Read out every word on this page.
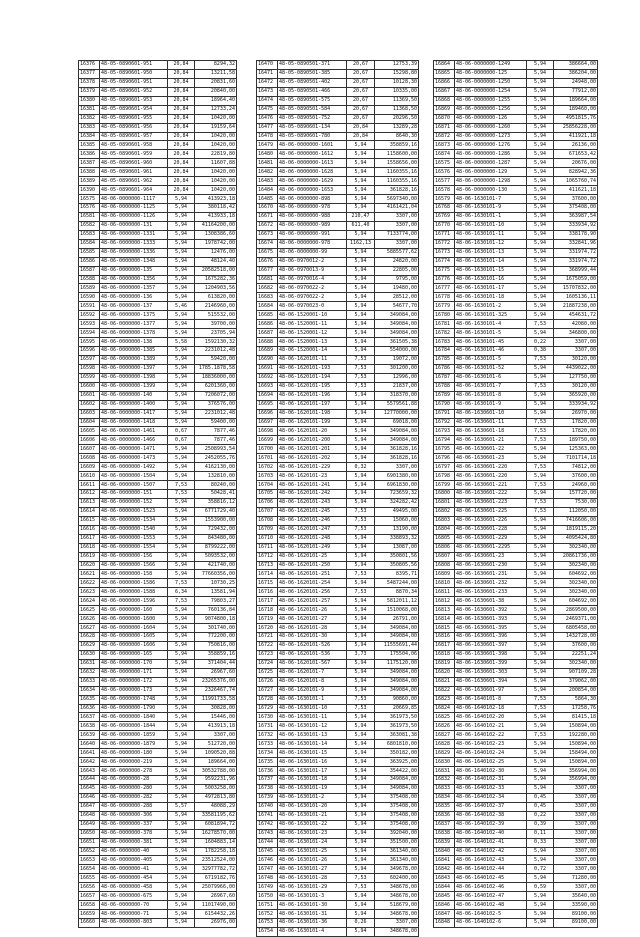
16376	48-05-0890601-951	20,84	8294,32
16377	48-05-0890601-950	20,84	13211,58
16378	48-05-0890601-951	20,84	20831,60
16379	48-05-0890601-952	20,84	20840,00
16380	48-05-0890601-953	20,84	18964,40
16381	48-05-0890601-954	20,84	12733,24
16382	48-05-0890601-955	20,84	10420,00
16383	48-05-0890601-956	20,84	19159,64
16384	48-05-0890601-957	20,84	10420,00
16385	48-05-0890601-958	20,84	10420,00
16386	48-05-0890601-959	20,84	22819,80
16387	48-05-0890601-960	20,84	11607,88
16388	48-05-0890601-961	20,84	10420,00
16389	48-05-0890601-962	20,84	10420,00
16390	48-05-0890601-964	20,84	10420,00
16575	48-06-0000000-1117	5,94	413923,18
16576	48-06-0000000-1125	5,94	380118,42
16581	48-06-0000000-1126	5,94	413933,18
16582	48-06-0000000-131	5,94	41164200,00
16583	48-06-0000000-1331	5,94	1308386,60
16584	48-06-0000000-1333	5,94	1978742,00
16585	48-06-0000000-1336	5,94	12476,00
16586	48-06-0000000-1348	5,94	48124,40
16587	48-06-0000000-135	5,94	20582518,00
16588	48-06-0000000-1356	5,94	1675282,36
16589	48-06-0000000-1357	5,94	1204903,56
16590	48-06-0000000-136	5,94	613820,00
16591	48-06-0000000-137	5,46	2146960,00
16592	48-06-0000000-1375	5,94	515532,00
16593	48-06-0000000-1377	5,94	39700,00
16594	48-06-0000000-1378	5,94	23705,94
16595	48-06-0000000-138	5,58	1592130,32
16596	48-06-0000000-1385	5,94	2231012,48
16597	48-06-0000000-1389	5,94	59420,00
16598	48-06-0000000-1397	5,94	1785.1878,58
16599	48-06-0000000-1398	5,94	18836000,00
16600	48-06-0000000-1399	5,94	6201360,00
16601	48-06-0000000-140	5,94	7206072,00
16602	48-06-0000000-1400	5,94	376576,00
16603	48-06-0000000-1417	5,94	2231012,48
16604	48-06-0000000-1418	5,94	59400,00
16605	48-06-0000000-1461	0,67	7877,46
16606	48-06-0000000-1466	0,67	7877,46
16607	48-06-0000000-1471	5,94	2508993,54
16608	48-06-0000000-1473	5,94	2452055,76
16609	48-06-0000000-1492	5,94	4162130,00
16610	48-06-0000000-1504	5,94	132810,00
16611	48-06-0000000-1507	7,53	80240,00
16612	48-06-0000000-151	7,53	50428,41
16613	48-06-0000000-152	5,94	358816,12
16614	48-06-0000000-1523	5,94	6771729,40
16615	48-06-0000000-1534	5,94	1553900,00
16616	48-06-0000000-1540	5,94	729432,00
16617	48-06-0000000-1553	5,94	843480,00
16618	48-06-0000000-1554	5,94	8799222,00
16619	48-06-0000000-156	5,94	5093532,00
16620	48-06-0000000-1566	5,94	421740,00
16621	48-06-0000000-158	5,94	77660356,00
16622	48-06-0000000-1586	7,53	10730,25
16623	48-06-0000000-1588	6,34	13581,94
16624	48-06-0000000-1596	7,53	79803,27
16625	48-06-0000000-160	5,94	760136,84
16626	48-06-0000000-1600	5,94	9074800,18
16627	48-06-0000000-1604	5,94	301740,00
16628	48-06-0000000-1605	5,94	772200,00
16629	48-06-0000000-1606	5,94	750816,00
16630	48-06-0000000-165	5,94	358859,16
16631	48-06-0000000-170	5,94	371404,44
16632	48-06-0000000-171	5,94	26967,60
16633	48-06-0000000-172	5,94	23265376,00
16634	48-06-0000000-173	5,94	2326467,74
16635	48-06-0000000-1748	5,94	11991733,58
16636	48-06-0000000-1790	5,94	30828,00
16637	48-06-0000000-1840	5,94	15446,00
16638	48-06-0000000-1844	5,94	413913,18
16639	48-06-0000000-1859	5,94	3307,00
16640	48-06-0000000-1879	5,94	512720,00
16641	48-06-0000000-180	5,94	1090520,88
16642	48-06-0000000-219	5,94	189664,00
16643	48-06-0000000-278	5,94	30532788,00
16644	48-06-0000000-28	5,94	9592231,96
16645	48-06-0000000-280	5,94	5003258,00
16646	48-06-0000000-282	5,94	4972813,80
16647	48-06-0000000-288	5,57	48088,29
16648	48-06-0000000-306	5,94	33581195,62
16649	48-06-0000000-337	5,94	6081894,72
16650	48-06-0000000-378	5,94	16278570,00
16651	48-06-0000000-381	5,94	1604883,14
16652	48-06-0000000-40	5,94	1782258,18
16653	48-06-0000000-405	5,94	23512524,00
16654	48-06-0000000-41	5,94	32977782,72
16655	48-06-0000000-454	5,94	6719182,76
16656	48-06-0000000-458	5,94	25079966,00
16657	48-06-0000000-675	5,94	26967,60
16658	48-06-0000000-70	5,94	11017490,00
16659	48-06-0000000-71	5,94	6154432,26
16660	48-06-0000000-803	5,94	26976,00
16470	48-05-0890501-371	20,67	12753,39
16471	48-05-0890501-385	20,67	15298,80
16472	48-05-0890501-402	20,67	10128,30
16473	48-05-0890501-466	20,67	10335,00
16474	48-05-0890501-575	20,67	11369,50
16475	48-05-0890501-584	20,67	11368,50
16476	48-05-0890501-752	20,67	20296,50
16477	48-05-0890601-134	20,84	13289,28
16478	48-05-0890601-780	20,84	8640,30
16479	48-06-0000000-1601	5,94	358859,16
16480	48-06-0000000-1612	5,94	1158600,00
16481	48-06-0000000-1613	5,94	1558656,00
16482	48-06-0000000-1628	5,94	1160355,16
16483	48-06-0000000-1629	5,94	1160355,16
16484	48-06-0000000-1653	5,94	361828,16
16485	48-06-0000000-898	5,94	5697340,00
16670	48-06-0000000-978	5,94	4161421,04
16671	48-06-0000000-988	210,47	3307,00
16672	48-06-0000000-989	611,40	3307,00
16673	48-06-0000000-991	5,94	7133774,00
16674	48-06-0000000-978	1162,13	3307,00
16675	48-06-0000000-99	5,94	5885577,62
16676	48-06-0970012-2	5,94	24820,00
16677	48-06-0970013-9	5,94	22805,00
16681	48-06-0970016-4	5,94	9795,00
16682	48-06-0970022-2	5,94	19480,00
16683	48-06-0970022-2	5,94	28512,00
16684	48-06-0970023-0	5,94	54677,70
16685	48-06-1520001-10	5,94	349084,00
16686	48-06-1520001-11	5,94	349084,00
16687	48-06-1520001-12	5,94	349084,00
16688	48-06-1520001-13	5,94	361505,38
16689	48-06-1520001-14	5,94	554000,00
16690	48-06-1620101-11	7,53	19072,00
16691	48-06-1620101-193	7,53	301200,00
16692	48-06-1620101-194	7,53	12996,00
16693	48-06-1620101-195	7,53	21837,00
16694	48-06-1620101-196	5,94	318370,00
16695	48-06-1620101-197	5,94	5579561,88
16696	48-06-1620101-198	5,94	12770000,00
16697	48-06-1620101-199	5,94	69018,00
16698	48-06-1620101-20	5,94	349084,00
16699	48-06-1620101-200	5,94	349084,00
16700	48-06-1620101-201	5,94	361828,16
16701	48-06-1620101-202	5,94	361828,16
16702	48-06-1620101-229	0,32	3307,00
16703	48-06-1620101-23	5,94	6901380,00
16704	48-06-1620101-241	5,94	6961830,00
16705	48-06-1620101-242	5,94	723659,32
16706	48-06-1620101-243	5,94	324282,42
16707	48-06-1620101-245	7,53	49495,00
16708	48-06-1620101-246	7,53	15060,00
16709	48-06-1620101-247	7,53	13190,00
16710	48-06-1620101-248	5,94	338893,32
16711	48-06-1620101-249	5,94	13087,00
16712	48-06-1620101-25	5,94	350801,56
16713	48-06-1620101-250	5,94	350805,56
16714	48-06-1620101-251	7,53	8395,71
16715	48-06-1620101-254	5,94	5487244,00
16716	48-06-1620101-256	7,53	8870,34
16717	48-06-1620101-257	5,94	5812011,12
16718	48-06-1620101-26	5,94	1510068,00
16719	48-06-1620101-27	5,94	26791,00
16720	48-06-1620101-28	5,94	349084,00
16721	48-06-1620101-30	5,94	349084,00
16722	48-06-1620101-526	5,94	11555691,44
16723	48-06-1620101-536	3,73	175504,06
16724	48-06-1620101-567	5,94	1175120,00
16725	48-06-1620101-7	5,94	349084,00
16726	48-06-1620101-8	5,94	349084,00
16727	48-06-1620101-9	5,94	349084,00
16728	48-06-1630101-1	7,53	90860,00
16729	48-06-1630101-10	7,53	20669,85
16730	48-06-1630101-11	5,94	361973,50
16731	48-06-1630101-12	5,94	361973,50
16732	48-06-1630101-13	5,94	363081,38
16733	48-06-1630101-14	5,94	6801810,00
16734	48-06-1630101-15	5,94	350182,00
16735	48-06-1630101-16	5,94	363925,00
16736	48-06-1630101-17	5,94	354422,00
16737	48-06-1630101-18	5,94	349084,00
16738	48-06-1630101-19	5,94	349084,00
16739	48-06-1630101-2	5,94	375408,00
16740	48-06-1630101-20	5,94	375408,00
16741	48-06-1630101-21	5,94	375408,00
16742	48-06-1630101-22	5,94	375408,00
16743	48-06-1630101-23	5,94	392040,00
16744	48-06-1630101-24	5,94	351500,00
16745	48-06-1630101-25	5,94	361340,00
16746	48-06-1630101-26	5,94	361340,00
16747	48-06-1630101-27	5,94	349678,00
16748	48-06-1630101-28	7,53	602400,00
16749	48-06-1630101-29	7,53	348678,00
16750	48-06-1630101-3	5,94	348678,00
16751	48-06-1630101-30	5,94	518679,00
16752	48-06-1630101-31	5,94	348678,00
16753	48-06-1630101-36	0,26	3307,00
16754	48-06-1630101-4	5,94	348678,00
16864	48-06-0000000-1249	5,94	386664,00
16865	48-06-0000000-125	5,94	386204,00
16866	48-06-0000000-1250	5,94	24948,00
16867	48-06-0000000-1254	5,94	77912,00
16868	48-06-0000000-1255	5,94	189664,00
16869	48-06-0000000-1256	5,94	189460,00
16870	48-06-0000000-126	5,94	4951815,76
16871	48-06-0000000-1260	5,94	25856228,00
16872	48-06-0000000-1273	5,94	411921,18
16873	48-06-0000000-1276	5,94	26136,00
16874	48-06-0000000-1286	5,94	671653,42
16575	48-06-0000000-1287	5,94	20676,00
16576	48-06-0000000-129	5,94	828942,36
16577	48-06-0000000-1298	5,94	1065760,74
16578	48-06-0000000-130	5,94	411621,18
16579	48-06-1630101-7	5,94	37600,00
16768	48-06-1630101-9	5,94	375408,00
16769	48-06-1630101-1	5,94	363987,54
16770	48-06-1630101-10	5,94	333934,92
16771	48-06-1630101-11	5,94	338178,90
16772	48-06-1630101-12	5,94	332841,96
16773	48-06-1630101-13	5,94	331974,72
16774	48-06-1630101-14	5,94	331974,72
16775	48-06-1630101-15	5,94	368999,44
16776	48-06-1630101-16	5,94	1675059,00
16777	48-06-1630101-17	5,94	15707832,00
16778	48-06-1630101-18	5,94	1605136,11
16779	48-06-1630101-2	5,94	21887238,00
16780	48-06-1630101-325	5,94	454631,72
16781	48-06-1630101-4	7,53	42080,00
16782	48-06-1630101-5	5,94	346800,00
16783	48-06-1630101-45	0,22	3307,00
16784	48-06-1630101-46	0,38	3307,00
16785	48-06-1630101-5	7,53	30120,00
16786	48-06-1630101-52	5,94	4439022,00
16787	48-06-1630101-6	5,94	127750,00
16788	48-06-1630101-7	7,53	30120,00
16789	48-06-1630101-8	5,94	365920,00
16790	48-06-1630101-9	5,94	333934,92
16791	48-06-1630601-10	5,94	26970,00
16792	48-06-1630601-11	7,53	17820,00
16793	48-06-1630601-18	7,53	17820,00
16794	48-06-1630601-21	7,53	189750,00
16795	48-06-1630601-22	5,94	125363,00
16796	48-06-1630601-23	5,94	7101714,18
16797	48-06-1630601-220	7,53	74812,00
16798	48-06-1630601-220	5,94	37600,00
16799	48-06-1630601-221	7,53	24960,00
16800	48-06-1630601-222	5,94	157720,00
16801	48-06-1630601-223	7,53	7530,00
16802	48-06-1630601-225	7,53	112050,00
16803	48-06-1630601-226	5,94	7416606,00
16804	48-06-1630601-228	5,94	1819115,20
16805	48-06-1630601-229	5,94	4095424,80
16806	48-06-1630601-2295	5,94	302340,00
16807	48-06-1630601-23	5,94	20861736,00
16808	48-06-1630601-230	5,94	302340,00
16809	48-06-1630601-231	5,94	604692,00
16810	48-06-1630601-232	5,94	302340,00
16811	48-06-1630601-233	5,94	302340,00
16812	48-06-1630601-38	5,94	604692,00
16813	48-06-1630601-392	5,94	2869500,00
16814	48-06-1630601-393	5,94	2469371,00
16815	48-06-1630601-395	5,94	6805458,00
16816	48-06-1630601-396	5,94	1432728,00
16817	48-06-1630601-397	5,94	37600,00
16818	48-06-1630601-398	5,94	22251,24
16819	48-06-1630601-399	5,94	302340,00
16820	48-06-1630601-303	5,94	907109,28
16821	48-06-1630601-394	5,94	379062,00
16822	48-06-1630601-97	5,94	200854,00
16823	48-06-1640101-8	7,53	5864,30
16824	48-06-1640102-18	7,53	17258,76
16825	48-06-1640102-20	5,94	81415,18
16826	48-06-1640102-21	5,94	150894,00
16827	48-06-1640102-22	7,53	192280,00
16828	48-06-1640102-23	5,94	150894,00
16829	48-06-1640102-24	5,94	158494,00
16830	48-06-1640102-25	5,94	150894,00
16831	48-06-1640102-30	5,94	356994,00
16832	48-06-1640102-31	5,94	356994,00
16833	48-06-1640102-33	5,94	3307,00
16834	48-06-1640102-34	0,45	3307,00
16835	48-06-1640102-37	0,45	3307,00
16836	48-06-1640102-38	0,22	3307,00
16837	48-06-1640102-39	0,39	3307,00
16838	48-06-1640102-40	0,11	3307,00
16839	48-06-1640102-41	0,33	3307,00
16840	48-06-1640102-42	5,94	3307,00
16841	48-06-1640102-43	5,94	3307,00
16842	48-06-1640102-44	0,72	3307,00
16843	48-06-1640102-45	5,94	71280,00
16844	48-06-1640102-46	0,59	3307,00
16845	48-06-1640102-47	5,94	35640,00
16846	48-06-1640102-48	5,94	33590,00
16847	48-06-1640102-5	5,94	89100,00
16848	48-06-1640102-6	5,94	89100,00
